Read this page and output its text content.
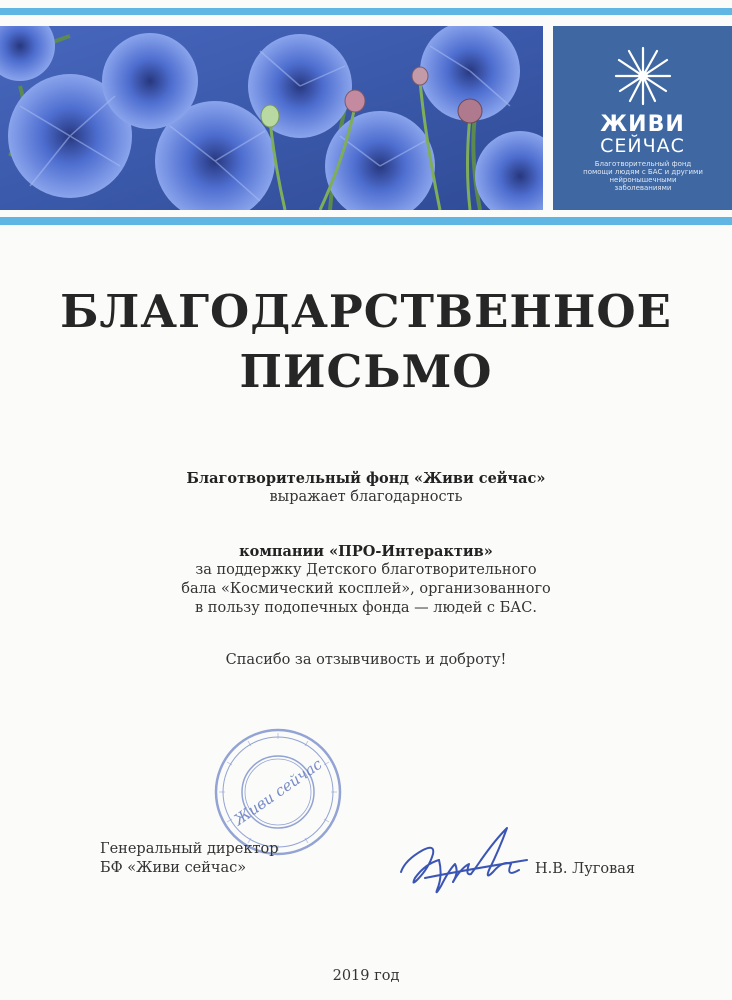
ЖИВИ
СЕЙЧАС
Благотворительный фонд помощи людям с БАС и другими нейронышечными заболеваниями
БЛАГОДАРСТВЕННОЕ
ПИСЬМО
Благотворительный фонд «Живи сейчас»
выражает благодарность
компании «ПРО-Интерактив»
за поддержку Детского благотворительного
бала «Космический косплей», организованного
в пользу подопечных фонда — людей с БАС.
Спасибо за отзывчивость и доброту!
Живи сейчас
Генеральный директор
БФ «Живи сейчас»	Н.В. Луговая
2019 год
